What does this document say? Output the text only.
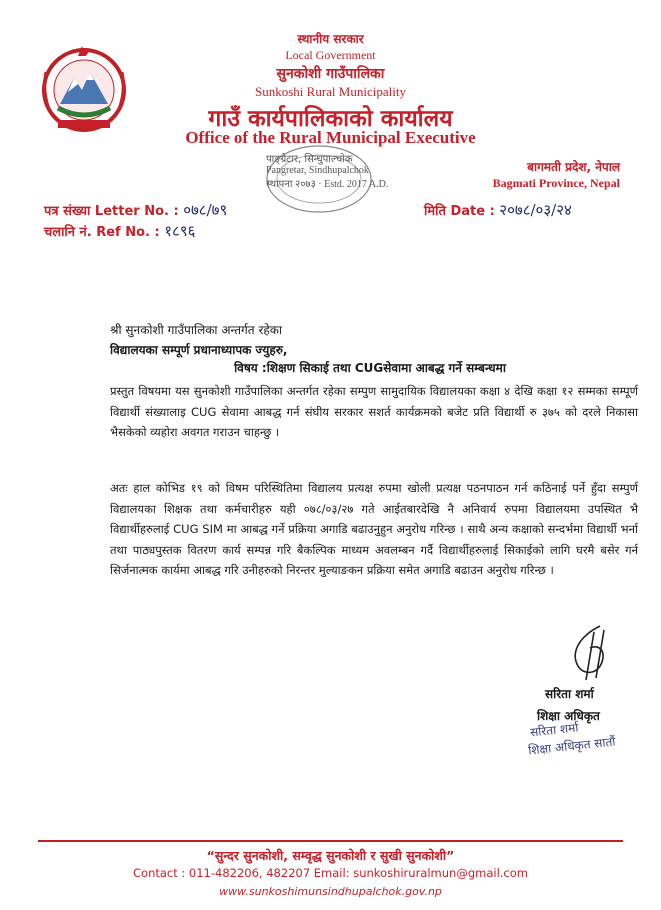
स्थानीय सरकार
Local Government
सुनकोशी गाउँपालिका
Sunkoshi Rural Municipality
गाउँ कार्यपालिकाको कार्यालय
Office of the Rural Municipal Executive
पाङ्ग्रेटार, सिन्धुपाल्चोक
Pangretar, Sindhupalchok
स्थापना २०७३ · Estd. 2017 A.D.
बागमती प्रदेश, नेपाल
Bagmati Province, Nepal
पत्र संख्या Letter No. : ०७८/७९
चलानि नं. Ref No. : १८९६
मिति Date : २०७८/०३/२४
श्री सुनकोशी गाउँपालिका अन्तर्गत रहेका
विद्यालयका सम्पूर्ण प्रधानाध्यापक ज्युहरु,
विषय :शिक्षण सिकाई तथा CUGसेवामा आबद्ध गर्ने सम्बन्धमा
प्रस्तुत विषयमा यस सुनकोशी गाउँपालिका अन्तर्गत रहेका सम्पुण सामुदायिक विद्यालयका कक्षा ४ देखि कक्षा १२ सम्मका सम्पूर्ण विद्यार्थी संख्यालाइ CUG सेवामा आबद्ध गर्न संघीय सरकार सशर्त कार्यक्रमको बजेट प्रति विद्यार्थी रु ३७५ को दरले निकासा भैसकेको व्यहोरा अवगत गराउन चाहन्छु ।
अतः हाल कोभिड १९ को विषम परिस्थितिमा विद्यालय प्रत्यक्ष रुपमा खोली प्रत्यक्ष पठनपाठन गर्न कठिनाई पर्ने हुँदा सम्पुर्ण विद्यालयका शिक्षक तथा कर्मचारीहरु यही ०७८/०३/२७ गते आईतबारदेखि नै अनिवार्य रुपमा विद्यालयमा उपस्थित भै विद्यार्थीहरुलाई CUG SIM मा आबद्ध गर्ने प्रक्रिया अगाडि बढाउनुहुन अनुरोध गरिन्छ । साथै अन्य कक्षाको सन्दर्भमा विद्यार्थी भर्ना तथा पाठ्यपुस्तक वितरण कार्य सम्पन्न गरि बैकल्पिक माध्यम अवलम्बन गर्दै विद्यार्थीहरुलाई सिकाईको लागि घरमै बसेर गर्न सिर्जनात्मक कार्यमा आबद्ध गरि उनीहरुको निरन्तर मुल्याङकन प्रक्रिया समेत अगाडि बढाउन अनुरोध गरिन्छ ।
सरिता शर्मा
शिक्षा अधिकृत
सरिता शर्मा
शिक्षा अधिकृत सातौं
“सुन्दर सुनकोशी, सम्वृद्ध सुनकोशी र सुखी सुनकोशी”
Contact : 011-482206, 482207 Email: sunkoshiruralmun@gmail.com
www.sunkoshimunsindhupalchok.gov.np
